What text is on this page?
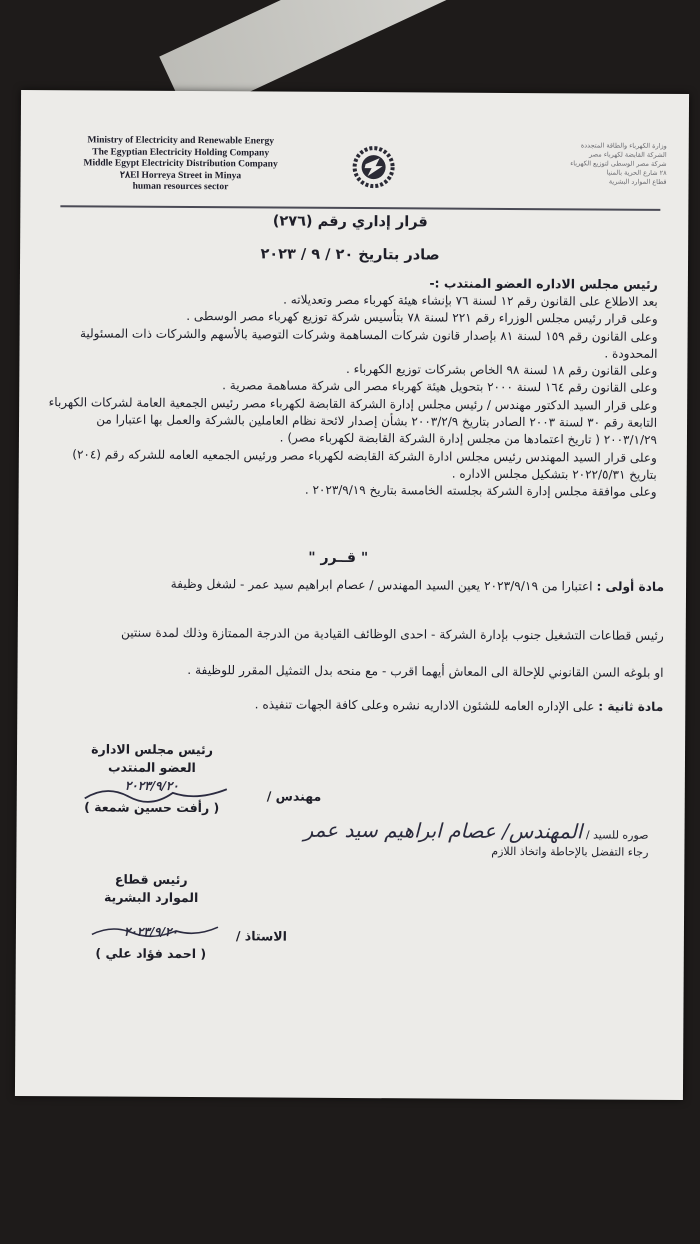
Ministry of Electricity and Renewable Energy
The Egyptian Electricity Holding Company
Middle Egypt Electricity Distribution Company
٢٨El Horreya Street in Minya
human resources sector
وزارة الكهرباء والطاقة المتجددة
الشركة القابضة لكهرباء مصر
شركة مصر الوسطى لتوزيع الكهرباء
٢٨ شارع الحرية بالمنيا
قطاع الموارد البشرية
قرار إداري رقم (٢٧٦)
صادر بتاريخ ٢٠ / ٩ / ٢٠٢٣
رئيس مجلس الاداره العضو المنتدب :-

بعد الاطلاع على القانون رقم ١٢ لسنة ٧٦ بإنشاء هيئة كهرباء مصر وتعديلاته .

وعلى قرار رئيس مجلس الوزراء رقم ٢٢١ لسنة ٧٨ بتأسيس شركة توزيع كهرباء مصر الوسطى .

وعلى القانون رقم ١٥٩ لسنة ٨١ بإصدار قانون شركات المساهمة وشركات التوصية بالأسهم والشركات ذات المسئولية المحدودة .

وعلى القانون رقم ١٨ لسنة ٩٨ الخاص بشركات توزيع الكهرباء .

وعلى القانون رقم ١٦٤ لسنة ٢٠٠٠ بتحويل هيئة كهرباء مصر الى شركة مساهمة مصرية .

وعلى قرار السيد الدكتور مهندس / رئيس مجلس إدارة الشركة القابضة لكهرباء مصر رئيس الجمعية العامة لشركات الكهرباء التابعة رقم ٣٠ لسنة ٢٠٠٣ الصادر بتاريخ ٢٠٠٣/٢/٩ بشأن إصدار لائحة نظام العاملين بالشركة والعمل بها اعتبارا من ٢٠٠٣/١/٢٩ ( تاريخ اعتمادها من مجلس إدارة الشركة القابضة لكهرباء مصر) .

وعلى قرار السيد المهندس رئيس مجلس ادارة الشركة القابضه لكهرباء مصر ورئيس الجمعيه العامه للشركه رقم (٢٠٤) بتاريخ ٢٠٢٢/٥/٣١ بتشكيل مجلس الاداره .

وعلى موافقة مجلس إدارة الشركة بجلسته الخامسة بتاريخ ٢٠٢٣/٩/١٩ .

" قــرر "
مادة أولى : اعتبارا من ٢٠٢٣/٩/١٩ يعين السيد المهندس / عصام ابراهيم سيد عمر - لشغل وظيفة
رئيس قطاعات التشغيل جنوب بإدارة الشركة - احدى الوظائف القيادية من الدرجة الممتازة وذلك لمدة سنتين
او بلوغه السن القانوني للإحالة الى المعاش أيهما اقرب - مع منحه بدل التمثيل المقرر للوظيفة .
مادة ثانية : على الإداره العامه للشئون الاداريه نشره وعلى كافة الجهات تنفيذه .
رئيس مجلس الادارة
العضو المنتدب
٢٠٢٣/٩/٢٠
( رأفت حسين شمعة )
مهندس /
صوره للسيد / المهندس/ عصام ابراهيم سيد عمر
رجاء التفضل بالإحاطة واتخاذ اللازم
رئيس قطاع
الموارد البشرية
٢٠٢٣/٩/٢٠
( احمد فؤاد علي )
الاستاذ /
